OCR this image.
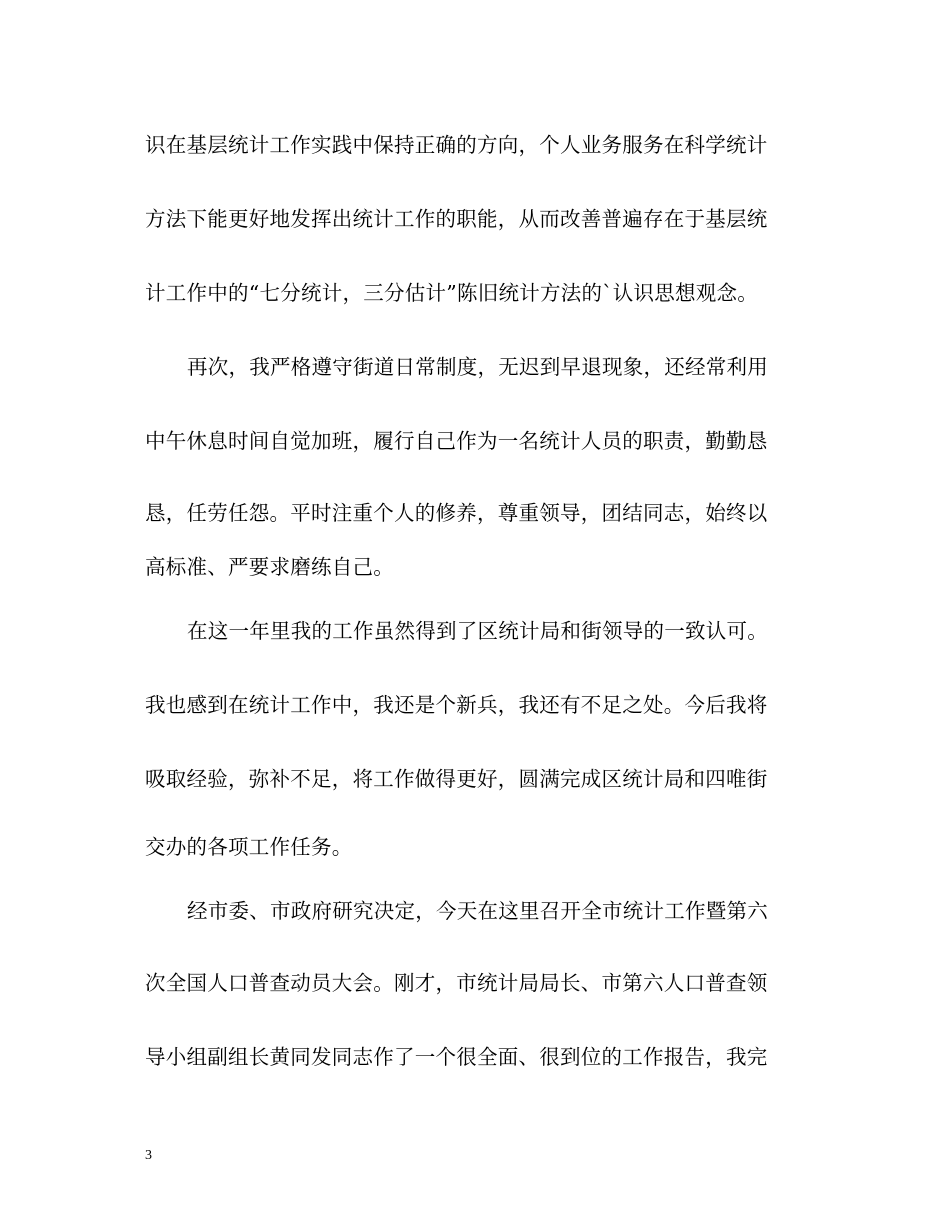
识在基层统计工作实践中保持正确的方向，个人业务服务在科学统计
方法下能更好地发挥出统计工作的职能，从而改善普遍存在于基层统
计工作中的“七分统计，三分估计”陈旧统计方法的`认识思想观念。
再次，我严格遵守街道日常制度，无迟到早退现象，还经常利用
中午休息时间自觉加班，履行自己作为一名统计人员的职责，勤勤恳
恳，任劳任怨。平时注重个人的修养，尊重领导，团结同志，始终以
高标准、严要求磨练自己。
在这一年里我的工作虽然得到了区统计局和街领导的一致认可。
我也感到在统计工作中，我还是个新兵，我还有不足之处。今后我将
吸取经验，弥补不足，将工作做得更好，圆满完成区统计局和四唯街
交办的各项工作任务。
经市委、市政府研究决定，今天在这里召开全市统计工作暨第六
次全国人口普查动员大会。刚才，市统计局局长、市第六人口普查领
导小组副组长黄同发同志作了一个很全面、很到位的工作报告，我完
3
